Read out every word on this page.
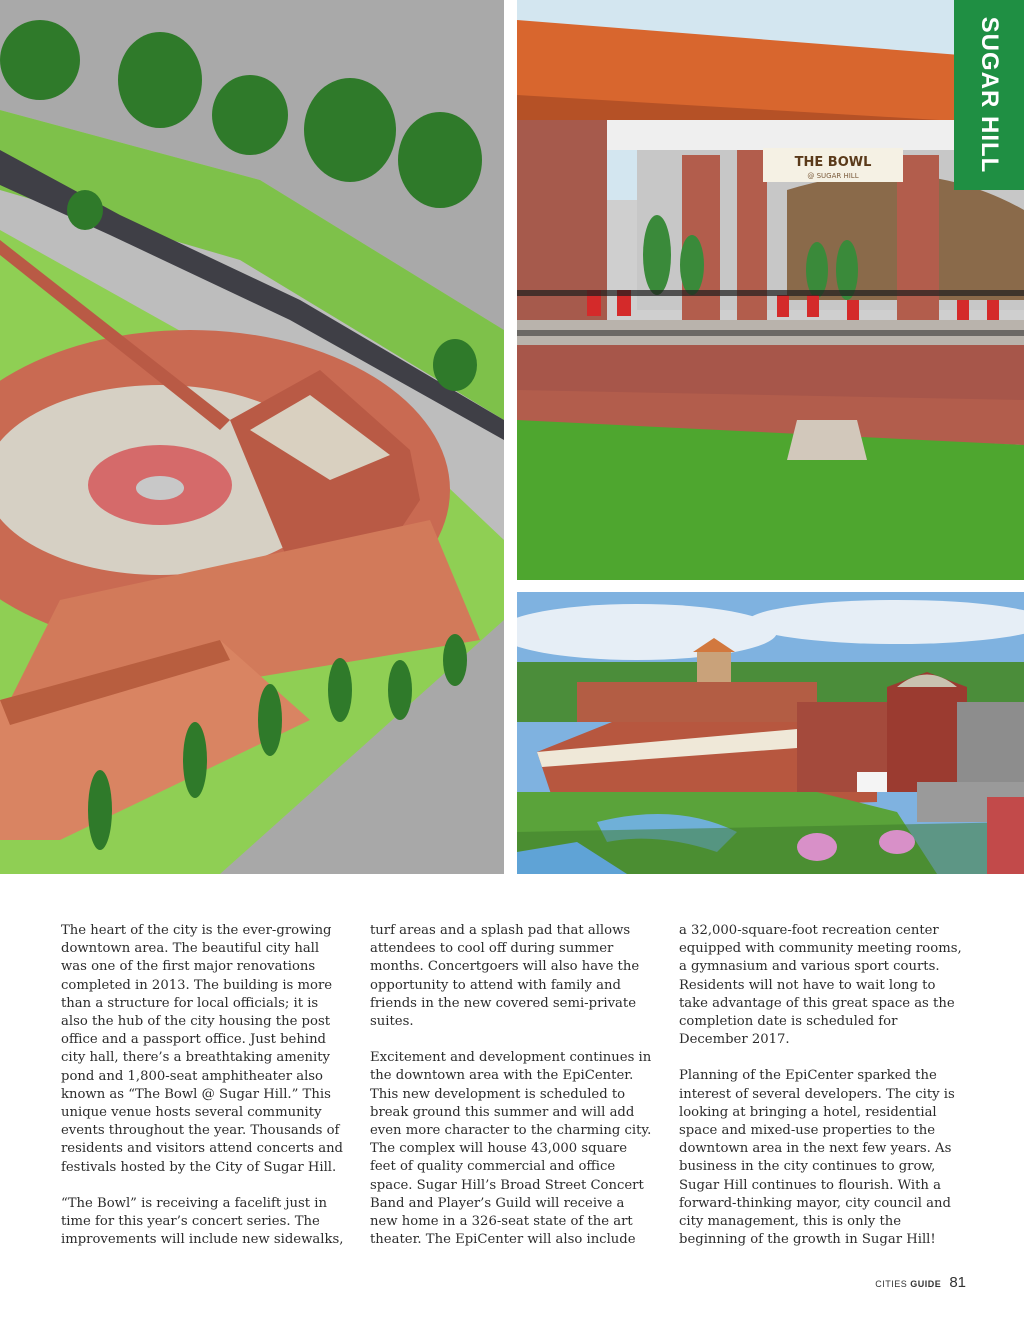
THE BOWL
@ SUGAR HILL
SUGAR HILL

The heart of the city is the ever-growing downtown area. The beautiful city hall was one of the first major renovations completed in 2013. The building is more than a structure for local officials; it is also the hub of the city housing the post office and a passport office. Just behind city hall, there’s a breathtaking amenity pond and 1,800-seat amphitheater also known as “The Bowl @ Sugar Hill.” This unique venue hosts several community events throughout the year. Thousands of residents and visitors attend concerts and festivals hosted by the City of Sugar Hill.

“The Bowl” is receiving a facelift just in time for this year’s concert series. The improvements will include new sidewalks,

turf areas and a splash pad that allows attendees to cool off during summer months. Concertgoers will also have the opportunity to attend with family and friends in the new covered semi-private suites.

Excitement and development continues in the downtown area with the EpiCenter. This new development is scheduled to break ground this summer and will add even more character to the charming city. The complex will house 43,000 square feet of quality commercial and office space. Sugar Hill’s Broad Street Concert Band and Player’s Guild will receive a new home in a 326-seat state of the art theater. The EpiCenter will also include

a 32,000-square-foot recreation center equipped with community meeting rooms, a gymnasium and various sport courts. Residents will not have to wait long to take advantage of this great space as the completion date is scheduled for December 2017.

Planning of the EpiCenter sparked the interest of several developers. The city is looking at bringing a hotel, residential space and mixed-use properties to the downtown area in the next few years. As business in the city continues to grow, Sugar Hill continues to flourish. With a forward-thinking mayor, city council and city management, this is only the beginning of the growth in Sugar Hill!

CITIES GUIDE 81
